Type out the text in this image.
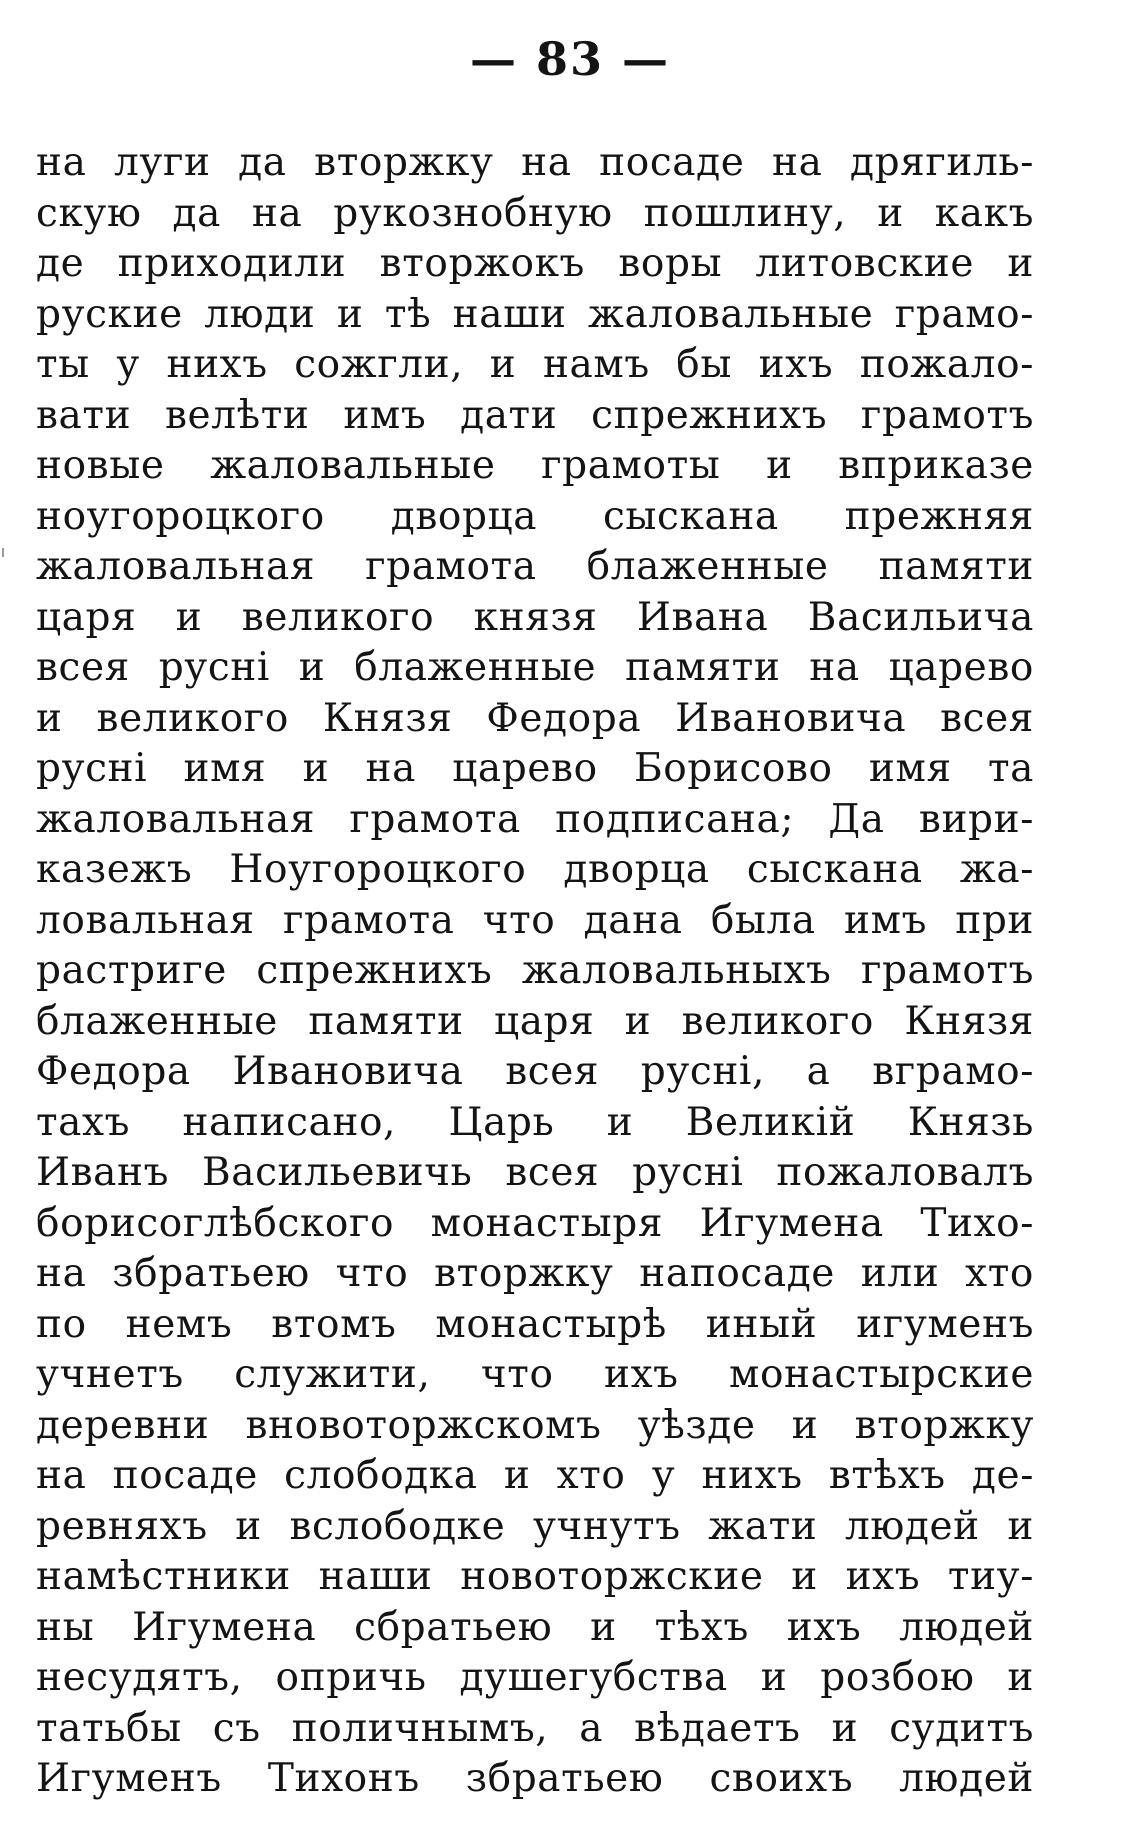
— 83 —
на луги да вторжку на посаде на дрягиль-
скую да на рукознобную пошлину, и какъ
де приходили вторжокъ воры литовские и
руские люди и тѣ наши жаловальные грамо-
ты у нихъ сожгли, и намъ бы ихъ пожало-
вати велѣти имъ дати спрежнихъ грамотъ
новые жаловальные грамоты и вприказе
ноугороцкого дворца сыскана прежняя
жаловальная грамота блаженные памяти
царя и великого князя Ивана Васильича
всея русні и блаженные памяти на царево
и великого Князя Федора Ивановича всея
русні имя и на царево Борисово имя та
жаловальная грамота подписана; Да вири-
казежъ Ноугороцкого дворца сыскана жа-
ловальная грамота что дана была имъ при
растриге спрежнихъ жаловальныхъ грамотъ
блаженные памяти царя и великого Князя
Федора Ивановича всея русні, а вграмо-
тахъ написано, Царь и Великій Князь
Иванъ Васильевичь всея русні пожаловалъ
борисоглѣбского монастыря Игумена Тихо-
на збратьею что вторжку напосаде или хто
по немъ втомъ монастырѣ иный игуменъ
учнетъ служити, что ихъ монастырские
деревни вновоторжскомъ уѣзде и вторжку
на посаде слободка и хто у нихъ втѣхъ де-
ревняхъ и вслободке учнутъ жати людей и
намѣстники наши новоторжские и ихъ тиу-
ны Игумена сбратьею и тѣхъ ихъ людей
несудятъ, опричь душегубства и розбою и
татьбы съ поличнымъ, а вѣдаетъ и судитъ
Игуменъ Тихонъ збратьею своихъ людей
